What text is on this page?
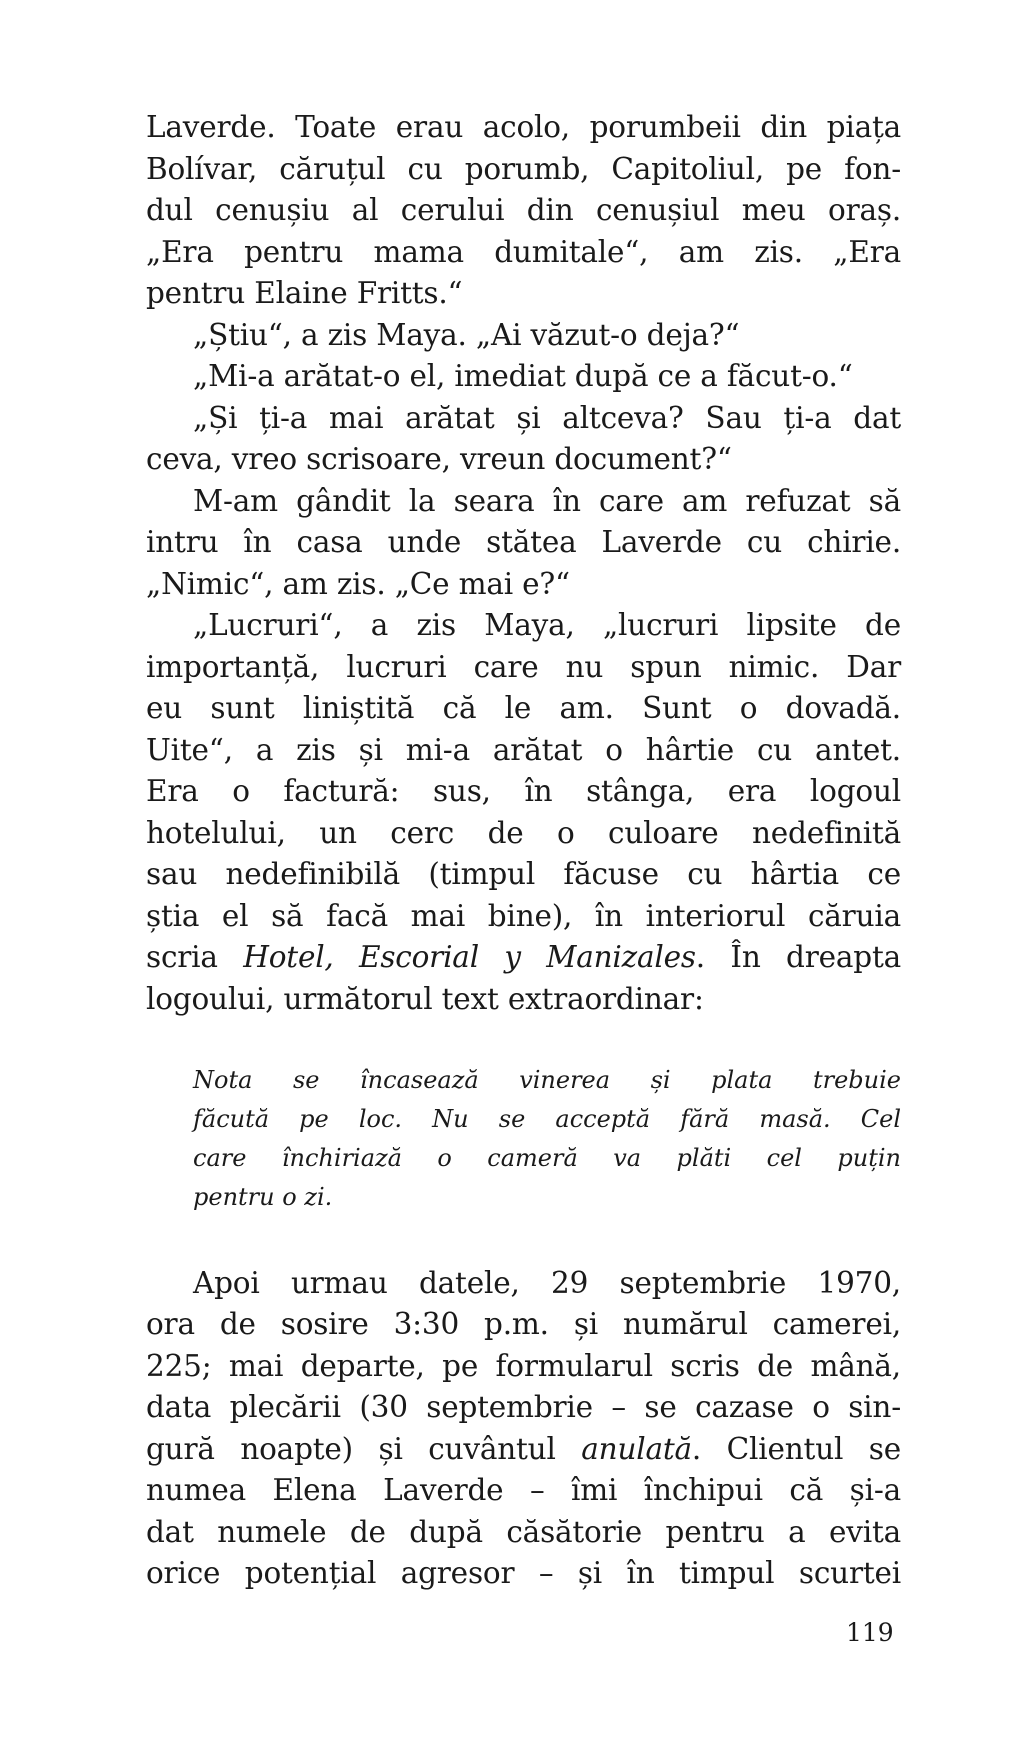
Laverde. Toate erau acolo, porumbeii din piața
Bolívar, căruțul cu porumb, Capitoliul, pe fon-
dul cenușiu al cerului din cenușiul meu oraș.
„Era pentru mama dumitale“, am zis. „Era
pentru Elaine Fritts.“
„Știu“, a zis Maya. „Ai văzut-o deja?“
„Mi-a arătat-o el, imediat după ce a făcut-o.“
„Și ți-a mai arătat și altceva? Sau ți-a dat
ceva, vreo scrisoare, vreun document?“
M-am gândit la seara în care am refuzat să
intru în casa unde stătea Laverde cu chirie.
„Nimic“, am zis. „Ce mai e?“
„Lucruri“, a zis Maya, „lucruri lipsite de
importanță, lucruri care nu spun nimic. Dar
eu sunt liniștită că le am. Sunt o dovadă.
Uite“, a zis și mi-a arătat o hârtie cu antet.
Era o factură: sus, în stânga, era logoul
hotelului, un cerc de o culoare nedefinită
sau nedefinibilă (timpul făcuse cu hârtia ce
știa el să facă mai bine), în interiorul căruia
scria Hotel, Escorial y Manizales. În dreapta
logoului, următorul text extraordinar:
Nota se încasează vinerea și plata trebuie
făcută pe loc. Nu se acceptă fără masă. Cel
care închiriază o cameră va plăti cel puțin
pentru o zi.
Apoi urmau datele, 29 septembrie 1970,
ora de sosire 3:30 p.m. și numărul camerei,
225; mai departe, pe formularul scris de mână,
data plecării (30 septembrie – se cazase o sin-
gură noapte) și cuvântul anulată. Clientul se
numea Elena Laverde – îmi închipui că și-a
dat numele de după căsătorie pentru a evita
orice potențial agresor – și în timpul scurtei
119
